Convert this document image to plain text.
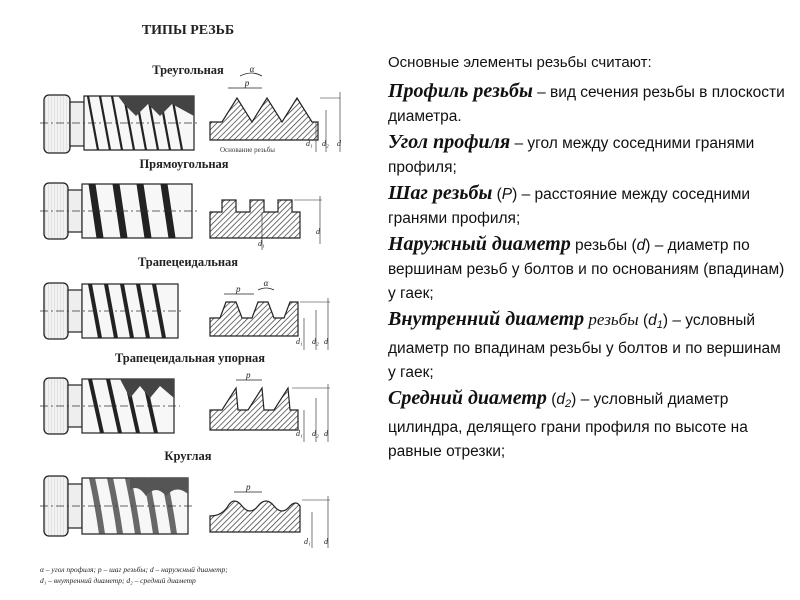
ТИПЫ РЕЗЬБ
Треугольная
p
α
d
d₂
d₁
Основание резьбы
Прямоугольная
d
d₁
Трапецеидальная
p
α
d
d₂
d₁
Трапецеидальная упорная
p
d
d₂
d₁
Круглая
p
d
d₁
α – угол профиля; p – шаг резьбы; d – наружный диаметр;
d₁ – внутренний диаметр; d₂ – средний диаметр

Основные элементы резьбы считают:

Профиль резьбы – вид сечения резьбы в плоскости диаметра.

Угол профиля – угол между соседними гранями профиля;

Шаг резьбы (P) – расстояние между соседними гранями профиля;

Наружный диаметр резьбы (d) – диаметр по вершинам резьб у болтов и по основаниям (впадинам) у гаек;

Внутренний диаметр резьбы $(d_1)$ – условный диаметр по впадинам резьбы у болтов и по вершинам у гаек;

Средний диаметр $(d_2)$ – условный диаметр цилиндра, делящего грани профиля по высоте на равные отрезки;
